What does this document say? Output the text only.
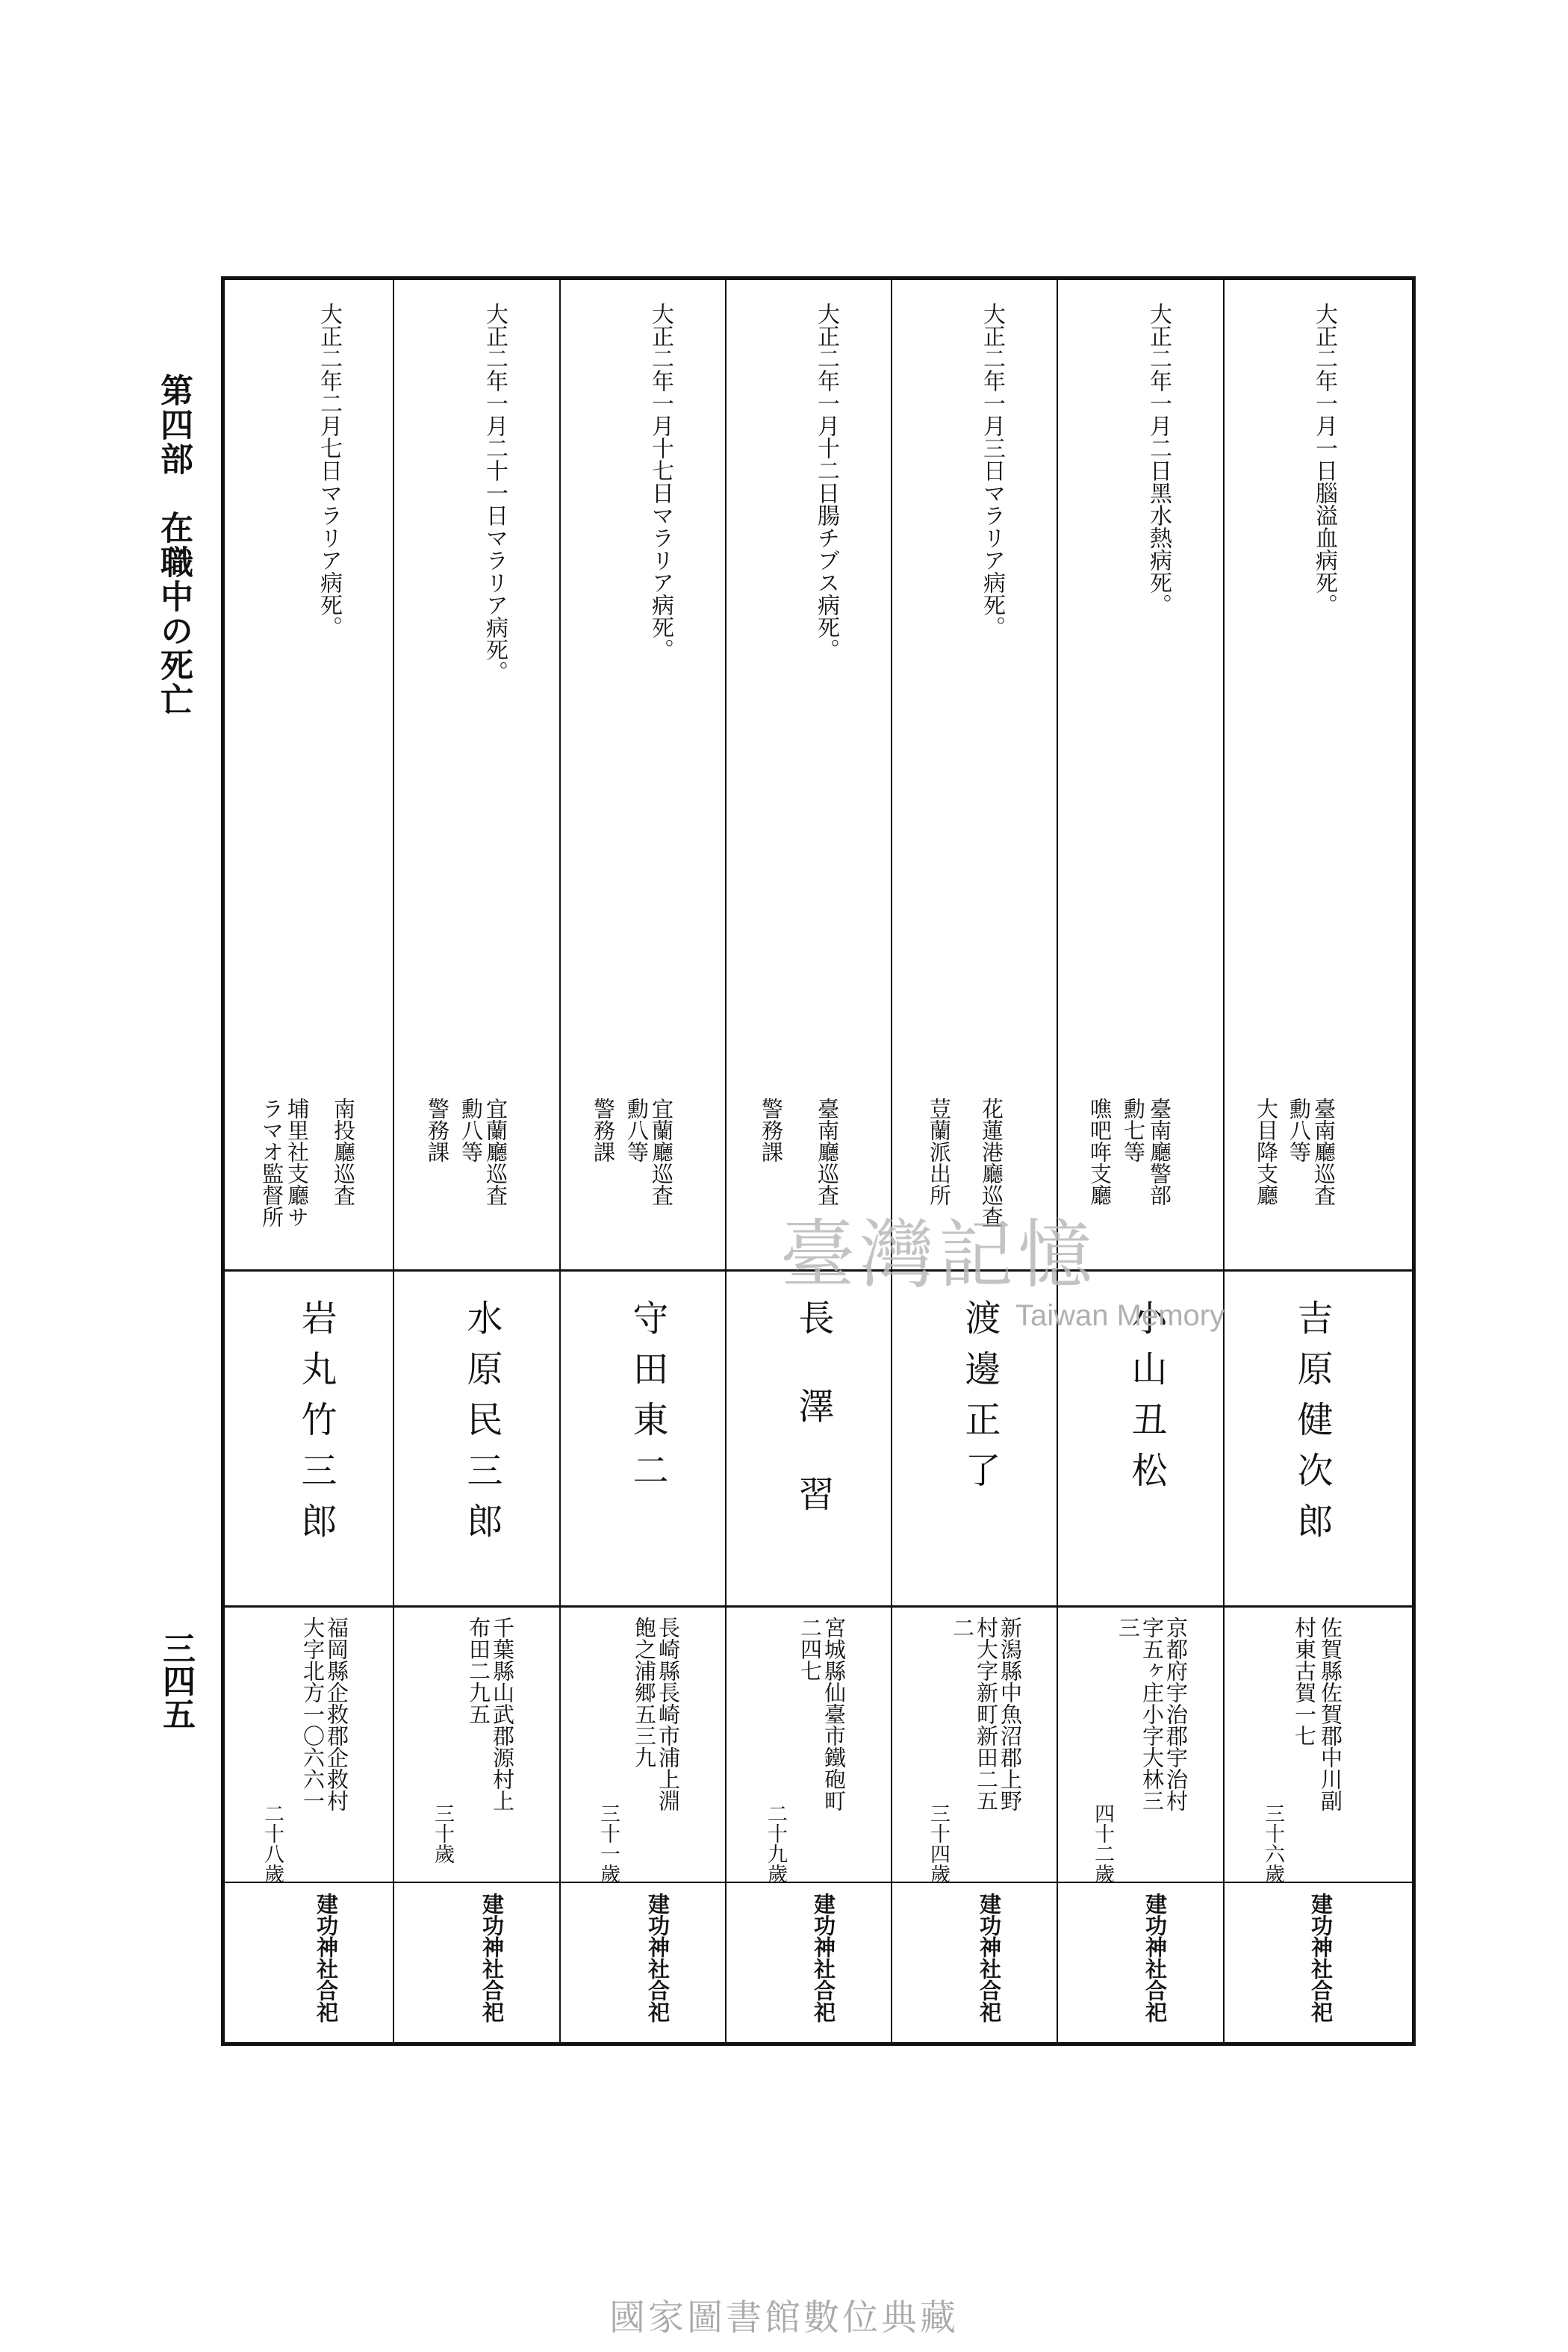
第四部　在職中の死亡
三四五
大正二年一月一日腦溢血病死。
臺南廳巡査
勳八等
大目降支廳
吉原健次郎
佐賀縣佐賀郡中川副
村東古賀一七
三十六歲
建功神社合祀
大正二年一月二日黑水熱病死。
臺南廳警部
勳七等
噍吧哖支廳
小山丑松
京都府宇治郡宇治村
字五ヶ庄小字大林三
三
四十二歲
建功神社合祀
大正二年一月三日マラリア病死。
花蓮港廳巡査
荳蘭派出所
渡邊正了
新潟縣中魚沼郡上野
村大字新町新田二五
二
三十四歲
建功神社合祀
大正二年一月十二日腸チブス病死。
臺南廳巡査
警務課
長澤習
宮城縣仙臺市鐵砲町
二四七
二十九歲
建功神社合祀
大正二年一月十七日マラリア病死。
宜蘭廳巡査
勳八等
警務課
守田東二
長崎縣長崎市浦上淵
飽之浦郷五三九
三十一歲
建功神社合祀
大正二年一月二十一日マラリア病死。
宜蘭廳巡査
勳八等
警務課
水原民三郎
千葉縣山武郡源村上
布田二九五
三十歲
建功神社合祀
大正二年二月七日マラリア病死。
南投廳巡査
埔里社支廳サ
ラマオ監督所
岩丸竹三郎
福岡縣企救郡企救村
大字北方一〇六六一
二十八歲
建功神社合祀
臺灣記憶
Taiwan Memory
國家圖書館數位典藏
